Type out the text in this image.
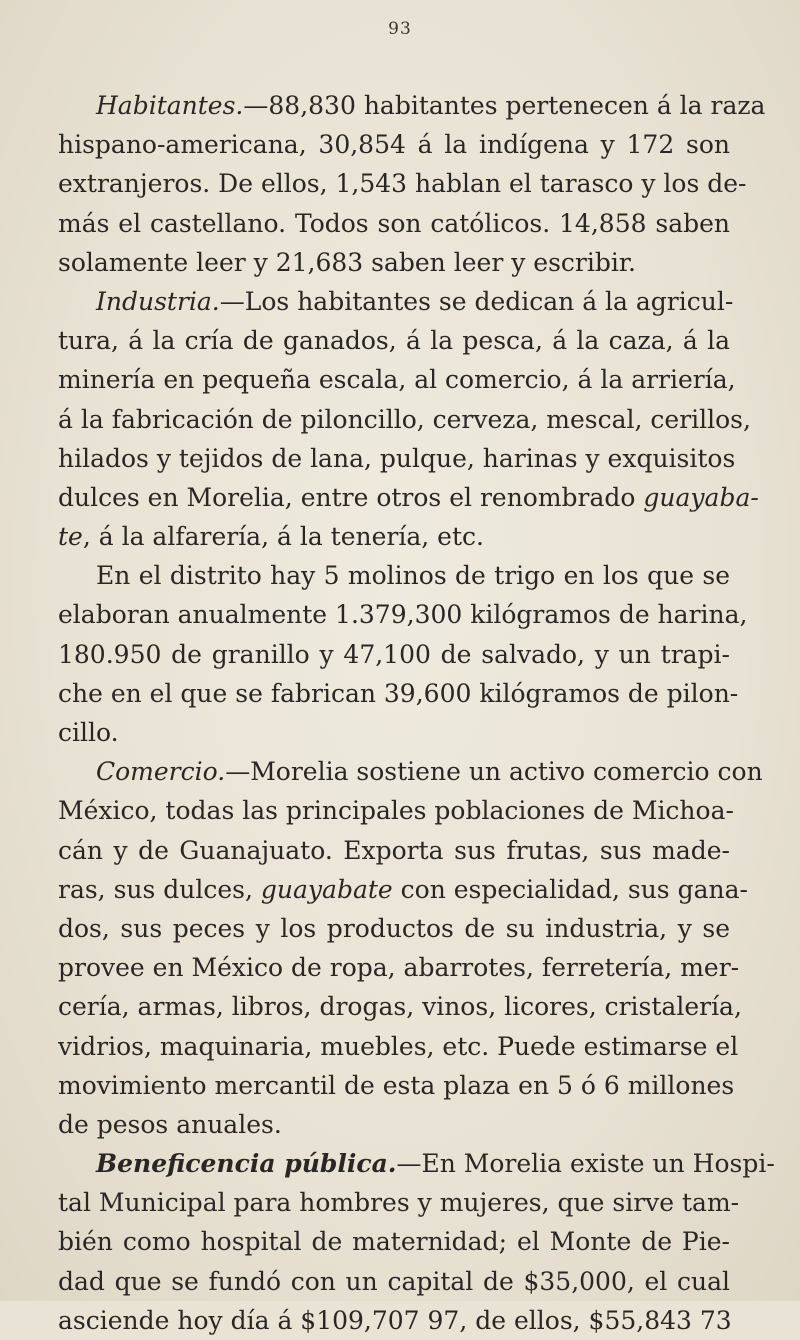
93
Habitantes.—88,830 habitantes pertenecen á la raza
hispano-americana, 30,854 á la indígena y 172 son
extranjeros. De ellos, 1,543 hablan el tarasco y los de-
más el castellano. Todos son católicos. 14,858 saben
solamente leer y 21,683 saben leer y escribir.
Industria.—Los habitantes se dedican á la agricul-
tura, á la cría de ganados, á la pesca, á la caza, á la
minería en pequeña escala, al comercio, á la arriería,
á la fabricación de piloncillo, cerveza, mescal, cerillos,
hilados y tejidos de lana, pulque, harinas y exquisitos
dulces en Morelia, entre otros el renombrado guayaba-
te, á la alfarería, á la tenería, etc.
En el distrito hay 5 molinos de trigo en los que se
elaboran anualmente 1.379,300 kilógramos de harina,
180.950 de granillo y 47,100 de salvado, y un trapi-
che en el que se fabrican 39,600 kilógramos de pilon-
cillo.
Comercio.—Morelia sostiene un activo comercio con
México, todas las principales poblaciones de Michoa-
cán y de Guanajuato. Exporta sus frutas, sus made-
ras, sus dulces, guayabate con especialidad, sus gana-
dos, sus peces y los productos de su industria, y se
provee en México de ropa, abarrotes, ferretería, mer-
cería, armas, libros, drogas, vinos, licores, cristalería,
vidrios, maquinaria, muebles, etc. Puede estimarse el
movimiento mercantil de esta plaza en 5 ó 6 millones
de pesos anuales.
Beneficencia pública.—En Morelia existe un Hospi-
tal Municipal para hombres y mujeres, que sirve tam-
bién como hospital de maternidad; el Monte de Pie-
dad que se fundó con un capital de $35,000, el cual
asciende hoy día á $109,707 97, de ellos, $55,843 73
